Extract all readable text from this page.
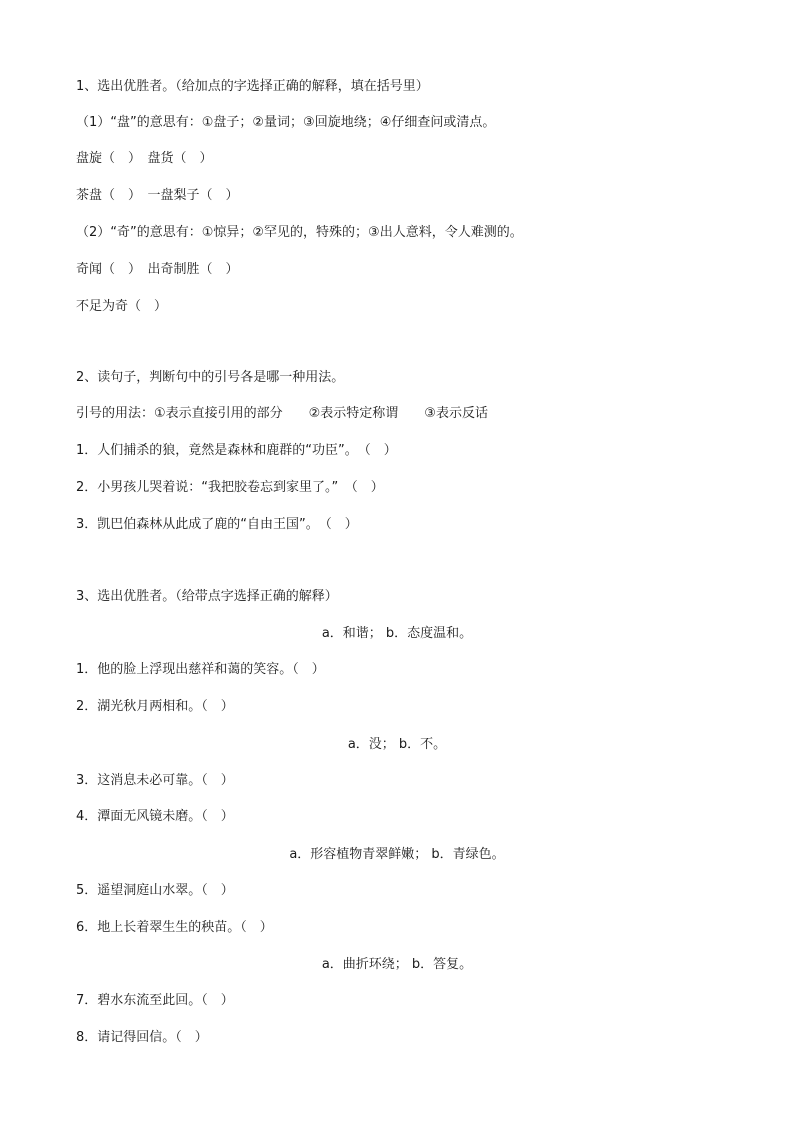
1、选出优胜者。（给加点的字选择正确的解释，填在括号里）
（1）“盘”的意思有：①盘子；②量词；③回旋地绕；④仔细查问或清点。
盘旋（　）　盘货（　）
茶盘（　）　一盘梨子（　）
（2）“奇”的意思有：①惊异；②罕见的，特殊的；③出人意料，令人难测的。
奇闻（　）　出奇制胜（　）
不足为奇（　）
2、读句子，判断句中的引号各是哪一种用法。
引号的用法：①表示直接引用的部分　　②表示特定称谓　　③表示反话
1．人们捕杀的狼，竟然是森林和鹿群的“功臣”。　（　）
2．小男孩儿哭着说：“我把胶卷忘到家里了。”　（　）
3．凯巴伯森林从此成了鹿的“自由王国”。　（　）
3、选出优胜者。（给带点字选择正确的解释）
a．和谐； b．态度温和。
1．他的脸上浮现出慈祥和蔼的笑容。（　）
2．湖光秋月两相和。（　）
a．没； b．不。
3．这消息未必可靠。（　）
4．潭面无风镜未磨。（　）
a．形容植物青翠鲜嫩； b．青绿色。
5．遥望洞庭山水翠。（　）
6．地上长着翠生生的秧苗。（　）
a．曲折环绕； b．答复。
7．碧水东流至此回。（　）
8．请记得回信。（　）
